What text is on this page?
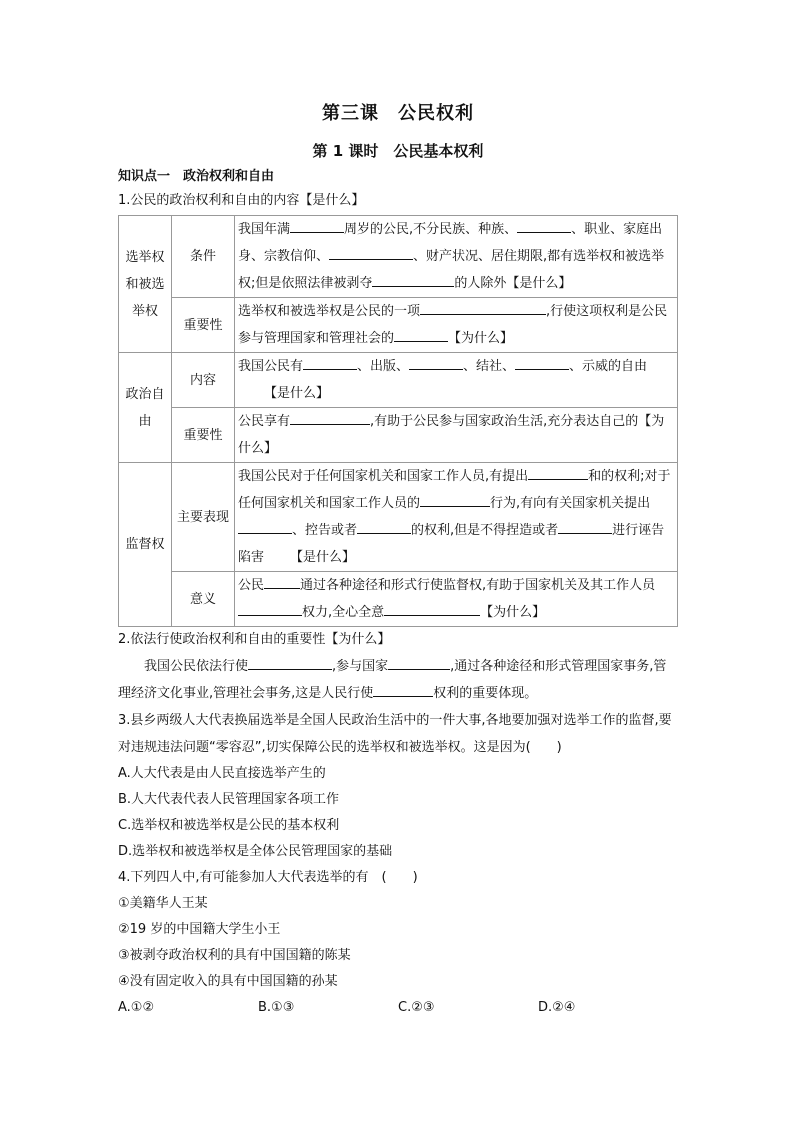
第三课　公民权利
第 1 课时　公民基本权利
知识点一　政治权利和自由
1.公民的政治权利和自由的内容【是什么】
选举权和被选举权	条件	我国年满 周岁的公民,不分民族、种族、 、职业、家庭出身、宗教信仰、 、财产状况、居住期限,都有选举权和被选举权;但是依照法律被剥夺 的人除外【是什么】
	重要性	选举权和被选举权是公民的一项 ,行使这项权利是公民参与管理国家和管理社会的 【为什么】
政治自由	内容	我国公民有 、出版、 、结社、 、示威的自由
【是什么】
	重要性	公民享有 ,有助于公民参与国家政治生活,充分表达自己的【为什么】
监督权	主要表现	我国公民对于任何国家机关和国家工作人员,有提出 和的权利;对于任何国家机关和国家工作人员的 行为,有向有关国家机关提出、控告或者 的权利,但是不得捏造或者 进行诬告陷害 【是什么】
	意义	公民 通过各种途径和形式行使监督权,有助于国家机关及其工作人员权力,全心全意 【为什么】
2.依法行使政治权利和自由的重要性【为什么】
我国公民依法行使	,参与国家	,通过各种途径和形式管理国家事务,管理经济文化事业,管理社会事务,这是人民行使	权利的重要体现。
3.县乡两级人大代表换届选举是全国人民政治生活中的一件大事,各地要加强对选举工作的监督,要对违规违法问题“零容忍”,切实保障公民的选举权和被选举权。这是因为(　　)
A.人大代表是由人民直接选举产生的
B.人大代表代表人民管理国家各项工作
C.选举权和被选举权是公民的基本权利
D.选举权和被选举权是全体公民管理国家的基础
4.下列四人中,有可能参加人大代表选举的有　(　　)
①美籍华人王某
②19 岁的中国籍大学生小王
③被剥夺政治权利的具有中国国籍的陈某
④没有固定收入的具有中国国籍的孙某
A.①②	B.①③	C.②③	D.②④
